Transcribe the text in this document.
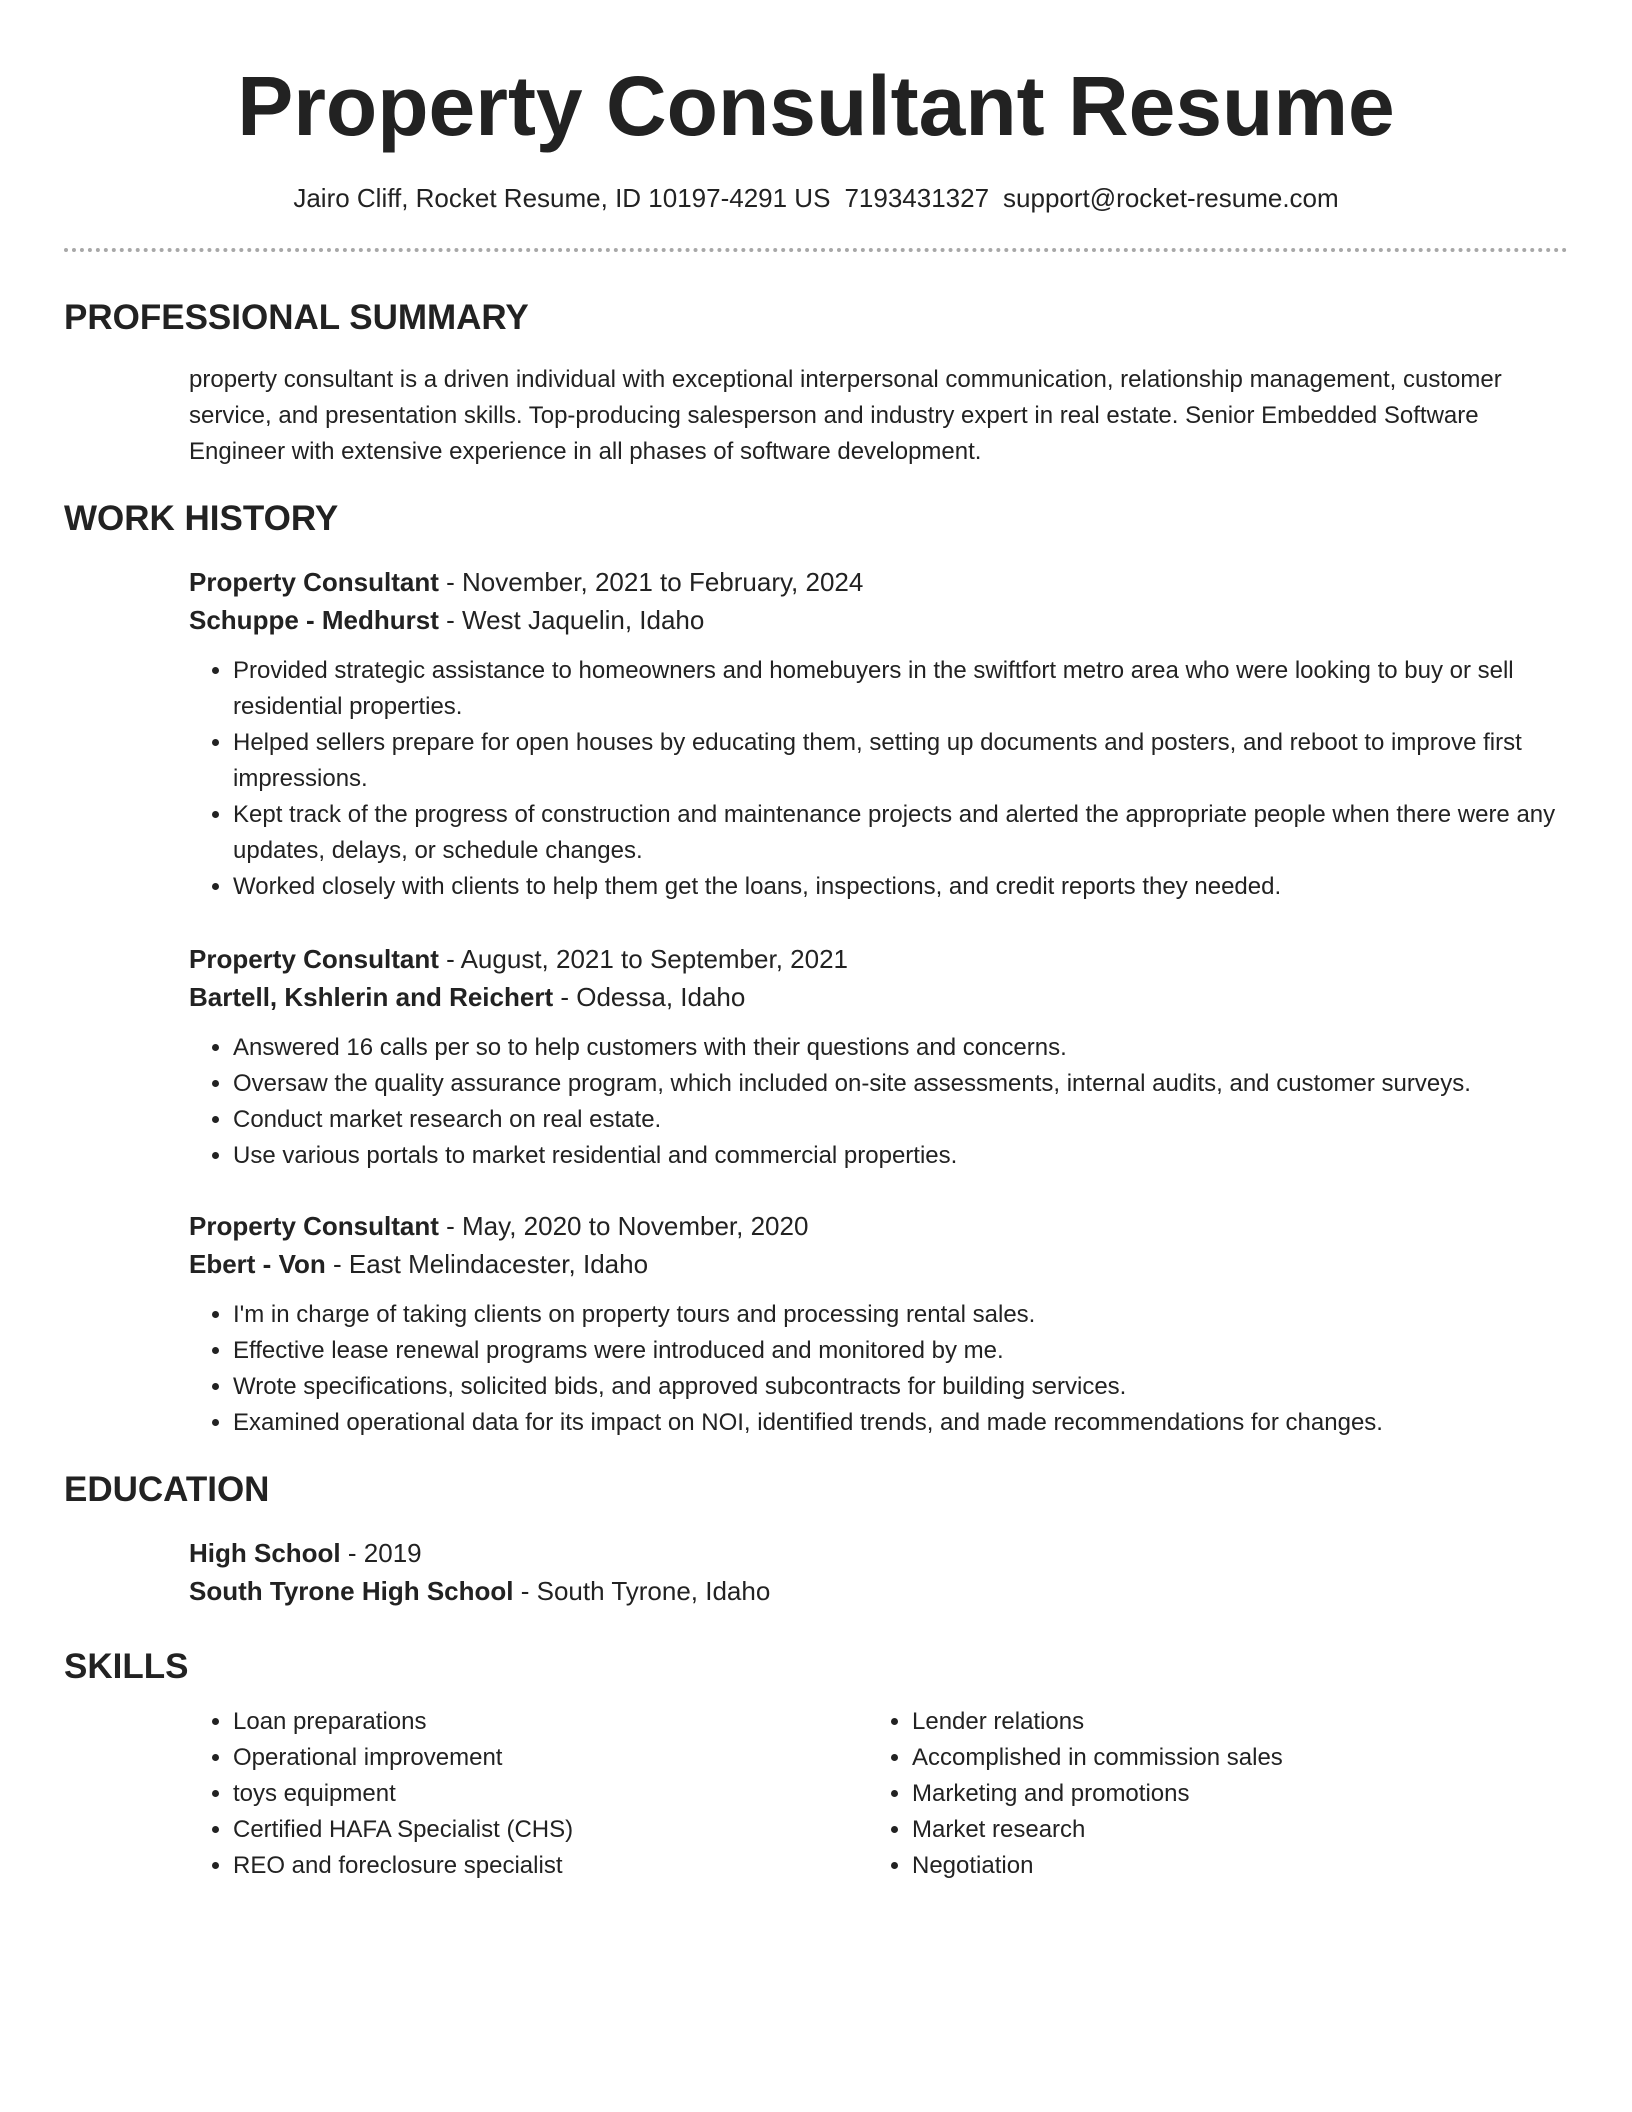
Property Consultant Resume
Jairo Cliff, Rocket Resume, ID 10197-4291 US 7193431327 support@rocket-resume.com
PROFESSIONAL SUMMARY

property consultant is a driven individual with exceptional interpersonal communication, relationship management, customer service, and presentation skills. Top-producing salesperson and industry expert in real estate. Senior Embedded Software Engineer with extensive experience in all phases of software development.

WORK HISTORY

Property Consultant - November, 2021 to February, 2024

Schuppe - Medhurst - West Jaquelin, Idaho

• Provided strategic assistance to homeowners and homebuyers in the swiftfort metro area who were looking to buy or sell residential properties.
• Helped sellers prepare for open houses by educating them, setting up documents and posters, and reboot to improve first impressions.
• Kept track of the progress of construction and maintenance projects and alerted the appropriate people when there were any updates, delays, or schedule changes.
• Worked closely with clients to help them get the loans, inspections, and credit reports they needed.

Property Consultant - August, 2021 to September, 2021

Bartell, Kshlerin and Reichert - Odessa, Idaho

• Answered 16 calls per so to help customers with their questions and concerns.
• Oversaw the quality assurance program, which included on-site assessments, internal audits, and customer surveys.
• Conduct market research on real estate.
• Use various portals to market residential and commercial properties.

Property Consultant - May, 2020 to November, 2020

Ebert - Von - East Melindacester, Idaho

• I'm in charge of taking clients on property tours and processing rental sales.
• Effective lease renewal programs were introduced and monitored by me.
• Wrote specifications, solicited bids, and approved subcontracts for building services.
• Examined operational data for its impact on NOI, identified trends, and made recommendations for changes.
EDUCATION

High School - 2019

South Tyrone High School - South Tyrone, Idaho

SKILLS
• Loan preparations
• Operational improvement
• toys equipment
• Certified HAFA Specialist (CHS)
• REO and foreclosure specialist
• Lender relations
• Accomplished in commission sales
• Marketing and promotions
• Market research
• Negotiation
